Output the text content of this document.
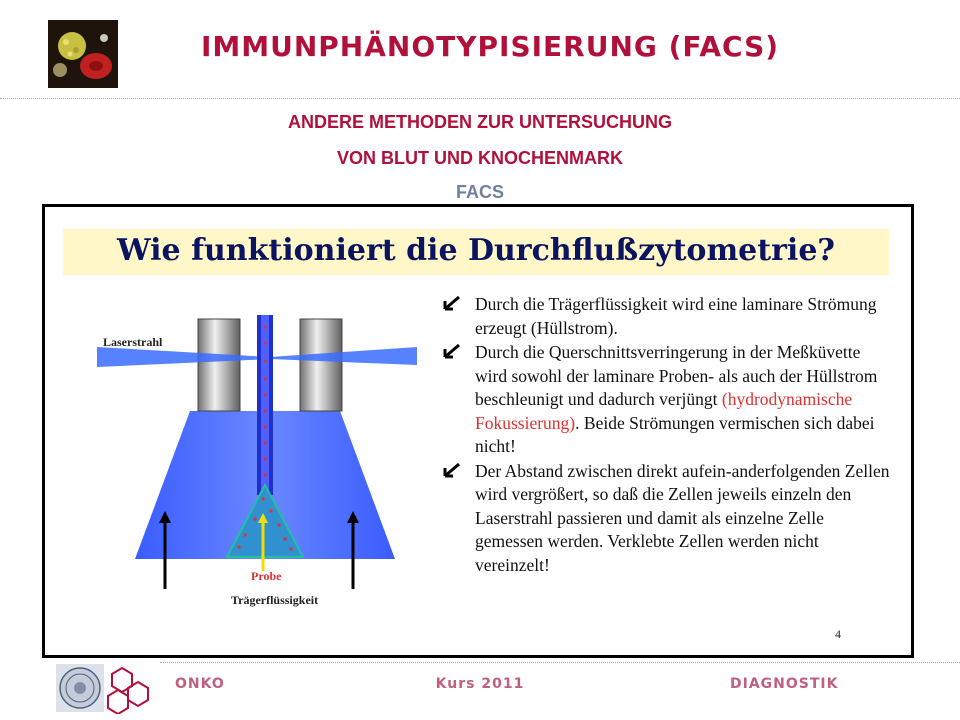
IMMUNPHÄNOTYPISIERUNG (FACS)
ANDERE METHODEN ZUR UNTERSUCHUNG
VON BLUT UND KNOCHENMARK
FACS
Wie funktioniert die Durchflußzytometrie?
Laserstrahl
Probe
Trägerflüssigkeit
Durch die Trägerflüssigkeit wird eine laminare Strömung erzeugt (Hüllstrom).
Durch die Querschnittsverringerung in der Meßküvette wird sowohl der laminare Proben- als auch der Hüllstrom beschleunigt und dadurch verjüngt (hydrodynamische Fokussierung). Beide Strömungen vermischen sich dabei nicht!
Der Abstand zwischen direkt aufein-anderfolgenden Zellen wird vergrößert, so daß die Zellen jeweils einzeln den Laserstrahl passieren und damit als einzelne Zelle gemessen werden. Verklebte Zellen werden nicht vereinzelt!
4
ONKO	Kurs 2011	DIAGNOSTIK
